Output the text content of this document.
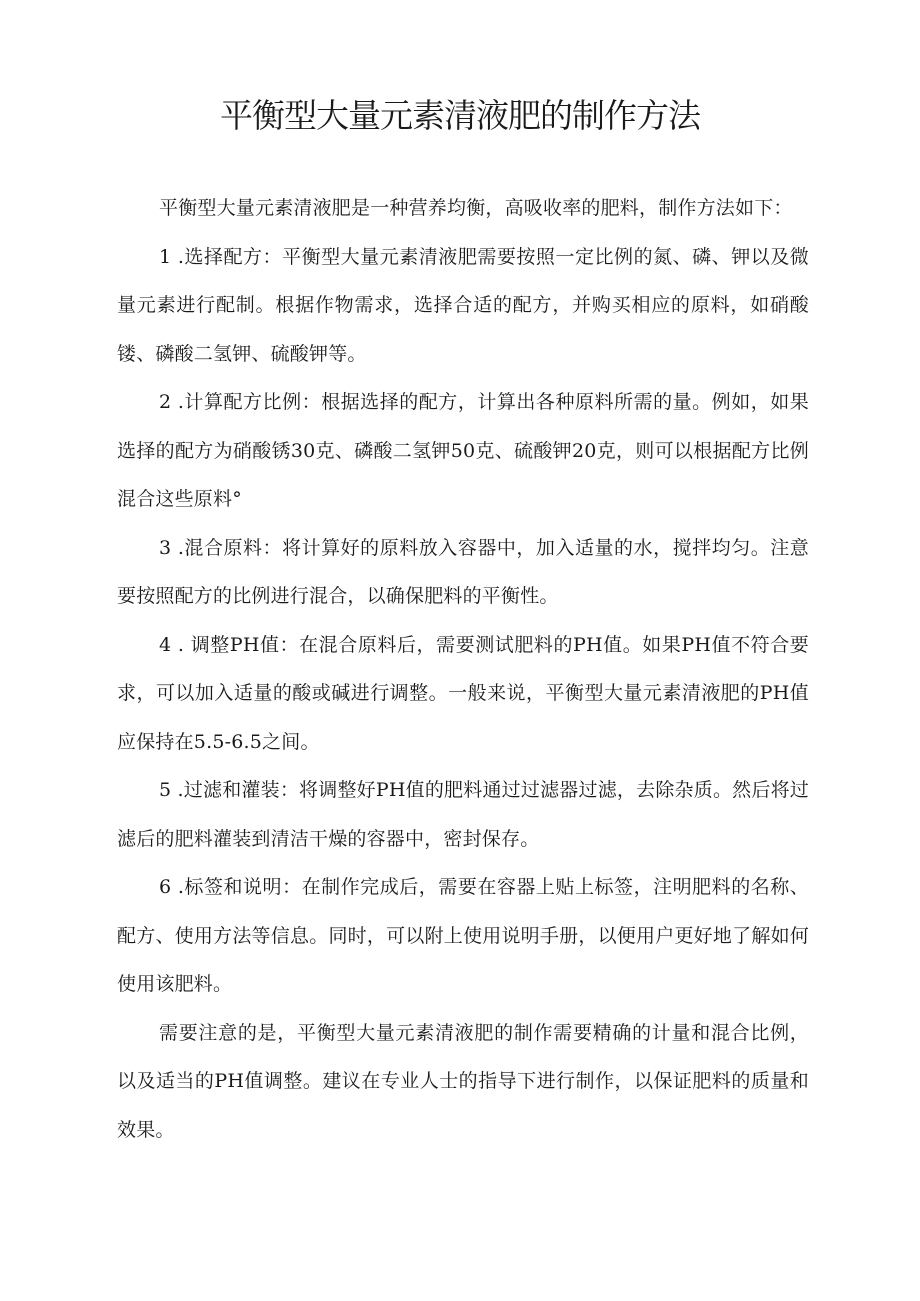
平衡型大量元素清液肥的制作方法

平衡型大量元素清液肥是一种营养均衡，高吸收率的肥料，制作方法如下：

1 .选择配方：平衡型大量元素清液肥需要按照一定比例的氮、磷、钾以及微量元素进行配制。根据作物需求，选择合适的配方，并购买相应的原料，如硝酸镂、磷酸二氢钾、硫酸钾等。

2 .计算配方比例：根据选择的配方，计算出各种原料所需的量。例如，如果选择的配方为硝酸锈30克、磷酸二氢钾50克、硫酸钾20克，则可以根据配方比例混合这些原料°

3 .混合原料：将计算好的原料放入容器中，加入适量的水，搅拌均匀。注意要按照配方的比例进行混合，以确保肥料的平衡性。

4 . 调整PH值：在混合原料后，需要测试肥料的PH值。如果PH值不符合要求，可以加入适量的酸或碱进行调整。一般来说，平衡型大量元素清液肥的PH值应保持在5.5-6.5之间。

5 .过滤和灌装：将调整好PH值的肥料通过过滤器过滤，去除杂质。然后将过滤后的肥料灌装到清洁干燥的容器中，密封保存。

6 .标签和说明：在制作完成后，需要在容器上贴上标签，注明肥料的名称、配方、使用方法等信息。同时，可以附上使用说明手册，以便用户更好地了解如何使用该肥料。

需要注意的是，平衡型大量元素清液肥的制作需要精确的计量和混合比例，以及适当的PH值调整。建议在专业人士的指导下进行制作，以保证肥料的质量和效果。
